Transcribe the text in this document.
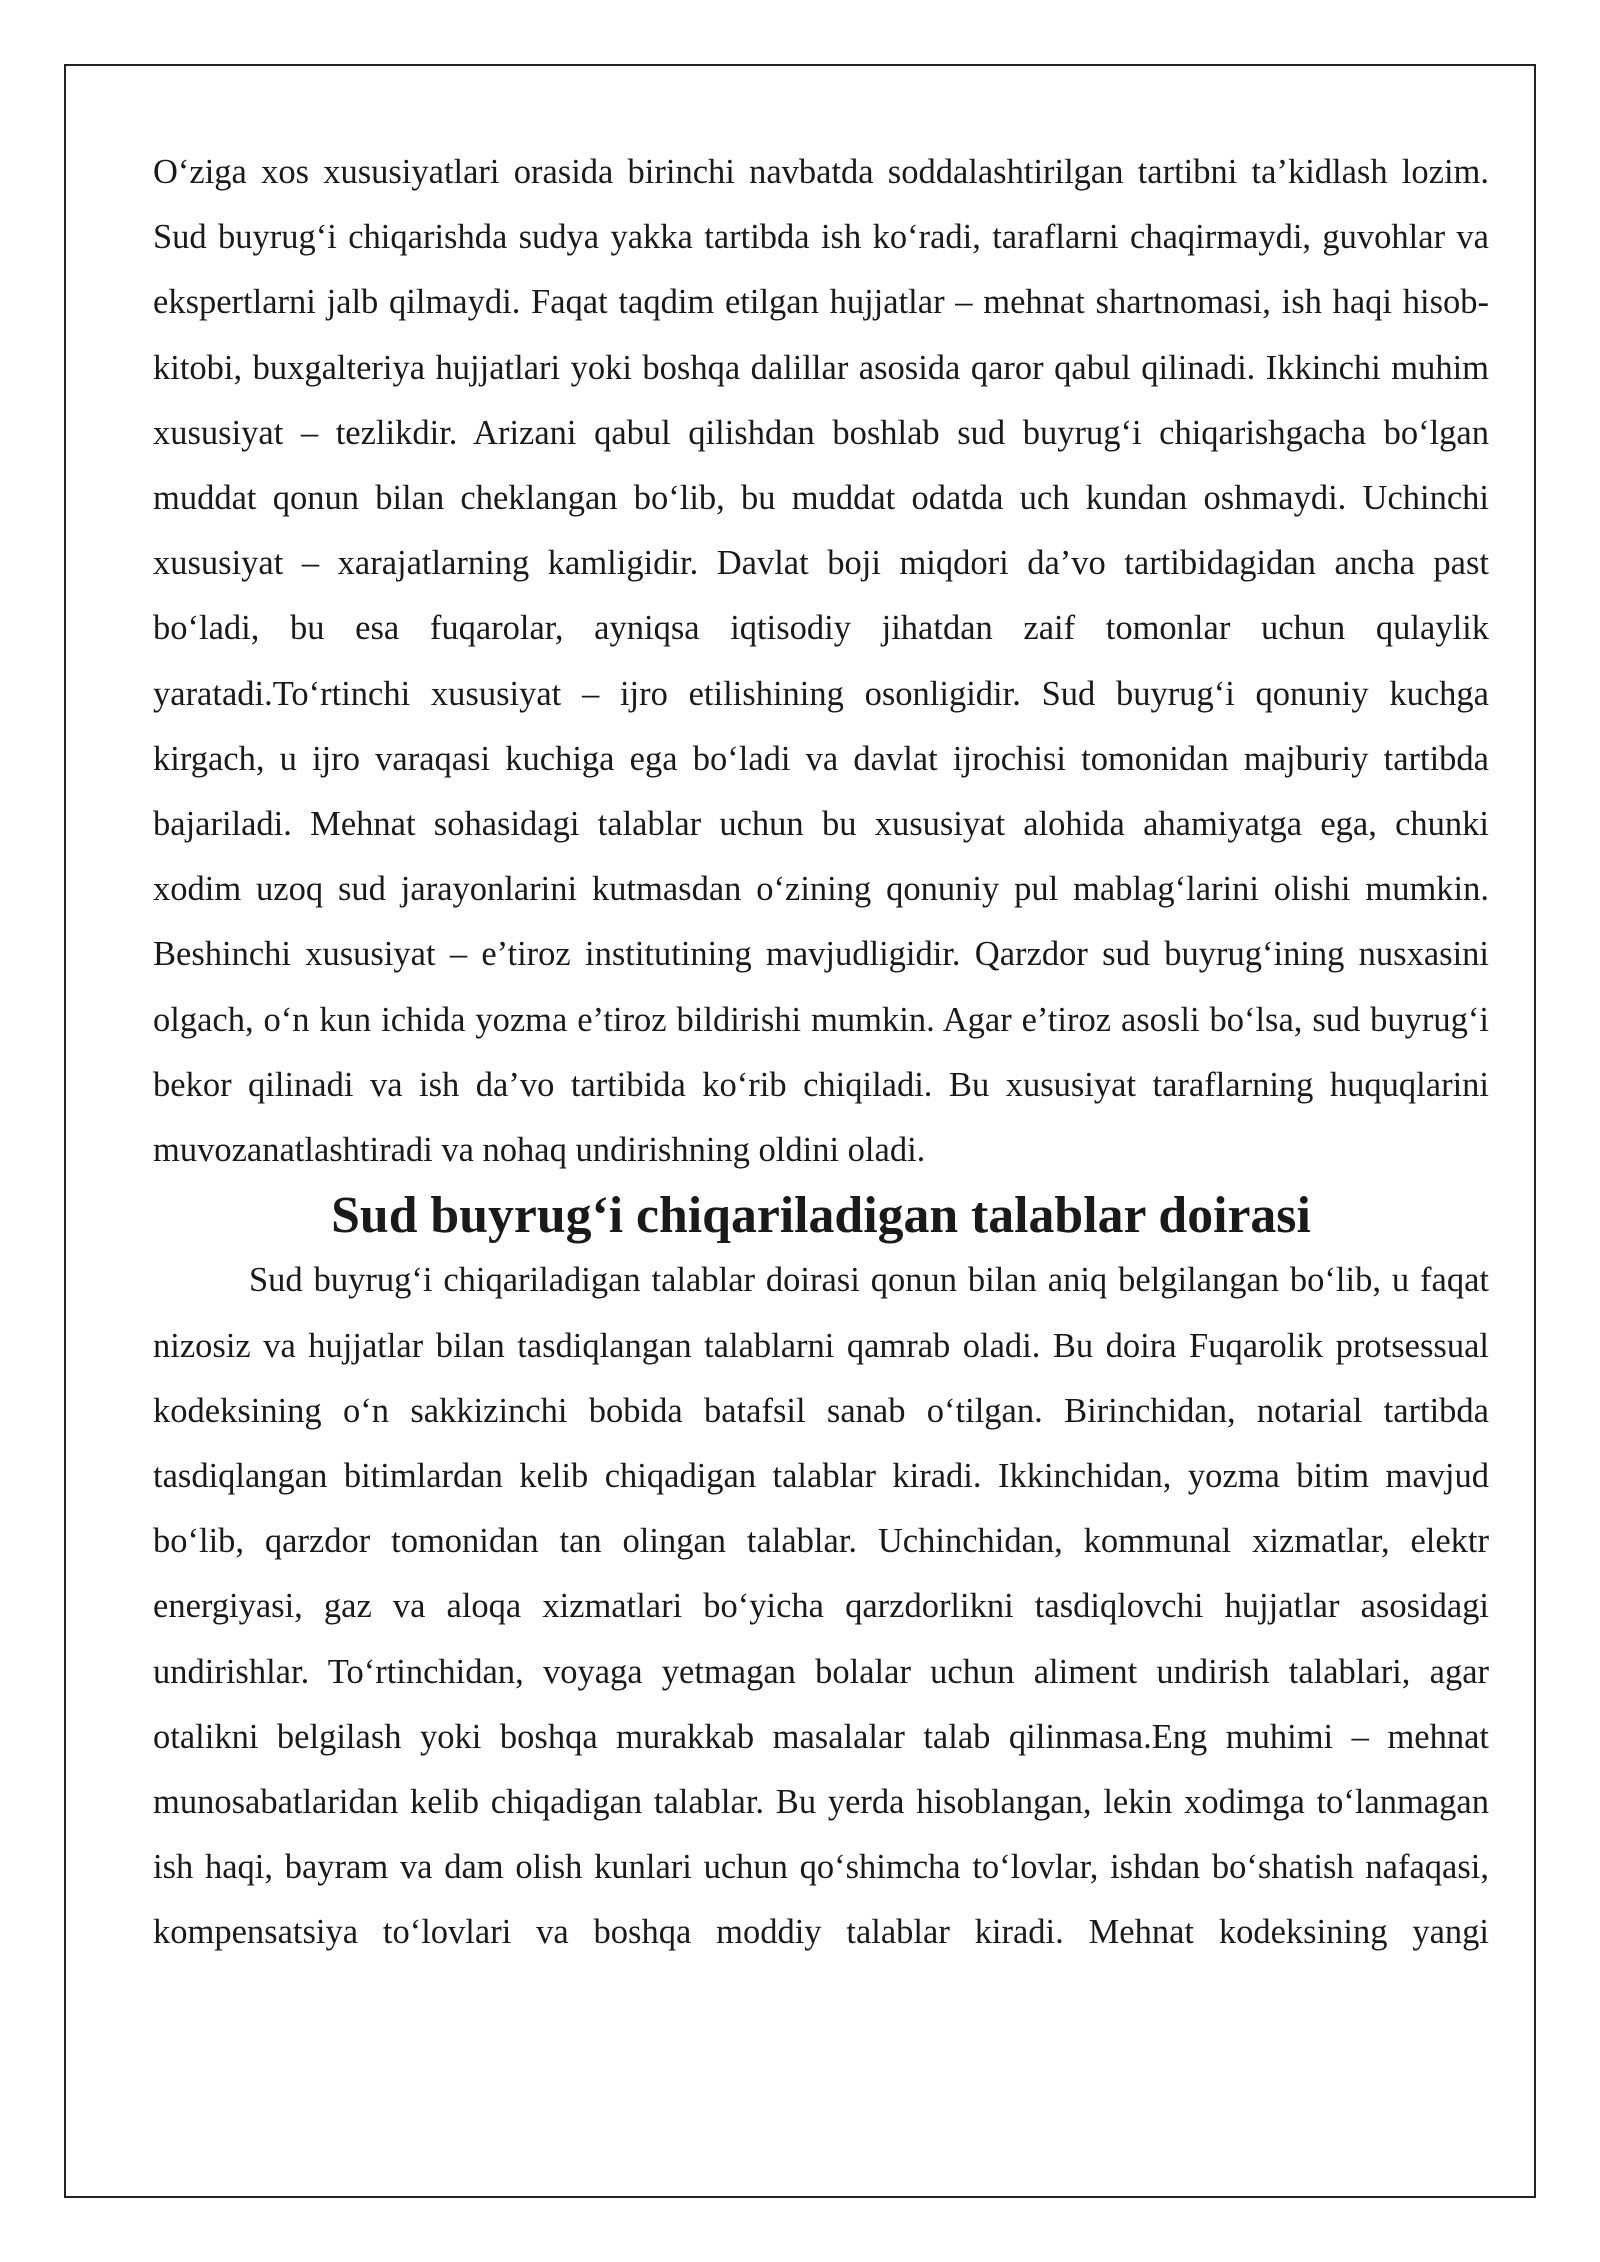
O‘ziga xos xususiyatlari orasida birinchi navbatda soddalashtirilgan tartibni ta’kidlash lozim. Sud buyrug‘i chiqarishda sudya yakka tartibda ish ko‘radi, taraflarni chaqirmaydi, guvohlar va ekspertlarni jalb qilmaydi. Faqat taqdim etilgan hujjatlar – mehnat shartnomasi, ish haqi hisob-kitobi, buxgalteriya hujjatlari yoki boshqa dalillar asosida qaror qabul qilinadi. Ikkinchi muhim xususiyat – tezlikdir. Arizani qabul qilishdan boshlab sud buyrug‘i chiqarishgacha bo‘lgan muddat qonun bilan cheklangan bo‘lib, bu muddat odatda uch kundan oshmaydi. Uchinchi xususiyat – xarajatlarning kamligidir. Davlat boji miqdori da’vo tartibidagidan ancha past bo‘ladi, bu esa fuqarolar, ayniqsa iqtisodiy jihatdan zaif tomonlar uchun qulaylik yaratadi.To‘rtinchi xususiyat – ijro etilishining osonligidir. Sud buyrug‘i qonuniy kuchga kirgach, u ijro varaqasi kuchiga ega bo‘ladi va davlat ijrochisi tomonidan majburiy tartibda bajariladi. Mehnat sohasidagi talablar uchun bu xususiyat alohida ahamiyatga ega, chunki xodim uzoq sud jarayonlarini kutmasdan o‘zining qonuniy pul mablag‘larini olishi mumkin. Beshinchi xususiyat – e’tiroz institutining mavjudligidir. Qarzdor sud buyrug‘ining nusxasini olgach, o‘n kun ichida yozma e’tiroz bildirishi mumkin. Agar e’tiroz asosli bo‘lsa, sud buyrug‘i bekor qilinadi va ish da’vo tartibida ko‘rib chiqiladi. Bu xususiyat taraflarning huquqlarini muvozanatlashtiradi va nohaq undirishning oldini oladi.

Sud buyrug‘i chiqariladigan talablar doirasi

Sud buyrug‘i chiqariladigan talablar doirasi qonun bilan aniq belgilangan bo‘lib, u faqat nizosiz va hujjatlar bilan tasdiqlangan talablarni qamrab oladi. Bu doira Fuqarolik protsessual kodeksining o‘n sakkizinchi bobida batafsil sanab o‘tilgan. Birinchidan, notarial tartibda tasdiqlangan bitimlardan kelib chiqadigan talablar kiradi. Ikkinchidan, yozma bitim mavjud bo‘lib, qarzdor tomonidan tan olingan talablar. Uchinchidan, kommunal xizmatlar, elektr energiyasi, gaz va aloqa xizmatlari bo‘yicha qarzdorlikni tasdiqlovchi hujjatlar asosidagi undirishlar. To‘rtinchidan, voyaga yetmagan bolalar uchun aliment undirish talablari, agar otalikni belgilash yoki boshqa murakkab masalalar talab qilinmasa.Eng muhimi – mehnat munosabatlaridan kelib chiqadigan talablar. Bu yerda hisoblangan, lekin xodimga to‘lanmagan ish haqi, bayram va dam olish kunlari uchun qo‘shimcha to‘lovlar, ishdan bo‘shatish nafaqasi, kompensatsiya to‘lovlari va boshqa moddiy talablar kiradi. Mehnat kodeksining yangi
